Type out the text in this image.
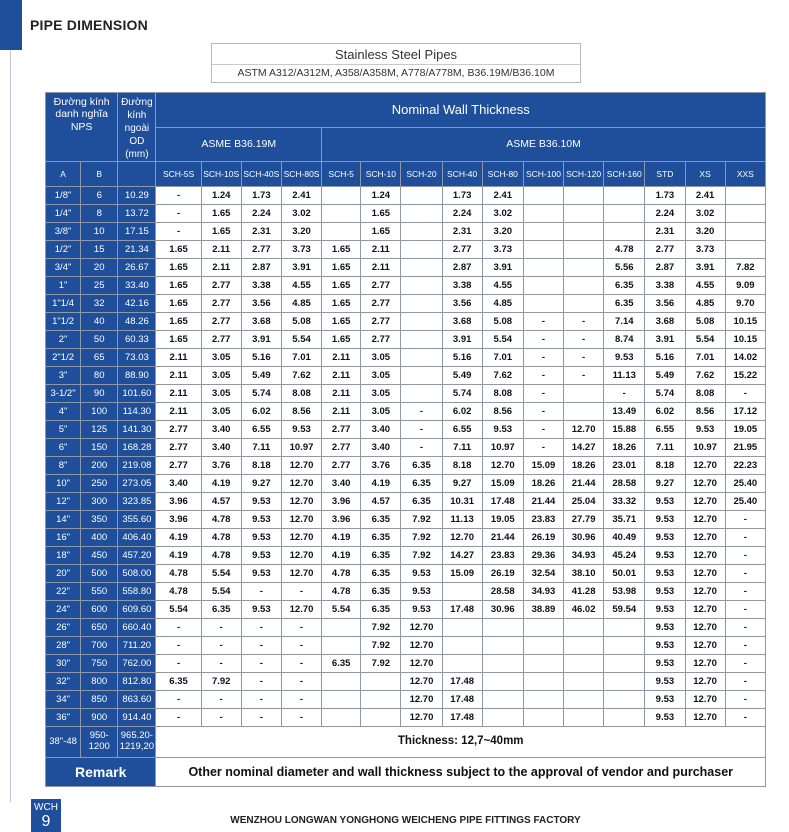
PIPE DIMENSION
Stainless Steel Pipes
ASTM A312/A312M, A358/A358M, A778/A778M, B36.19M/B36.10M
Đường kính danh nghĩa NPS		Đường kính ngoài OD (mm)	Nominal Wall Thickness														
			ASME B36.19M				ASME B36.10M										
A	B		SCH-5S	SCH-10S	SCH-40S	SCH-80S	SCH-5	SCH-10	SCH-20	SCH-40	SCH-80	SCH-100	SCH-120	SCH-160	STD	XS	XXS
1/8"	6	10.29	-	1.24	1.73	2.41		1.24		1.73	2.41				1.73	2.41	
1/4"	8	13.72	-	1.65	2.24	3.02		1.65		2.24	3.02				2.24	3.02	
3/8"	10	17.15	-	1.65	2.31	3.20		1.65		2.31	3.20				2.31	3.20	
1/2"	15	21.34	1.65	2.11	2.77	3.73	1.65	2.11		2.77	3.73			4.78	2.77	3.73	
3/4"	20	26.67	1.65	2.11	2.87	3.91	1.65	2.11		2.87	3.91			5.56	2.87	3.91	7.82
1"	25	33.40	1.65	2.77	3.38	4.55	1.65	2.77		3.38	4.55			6.35	3.38	4.55	9.09
1"1/4	32	42.16	1.65	2.77	3.56	4.85	1.65	2.77		3.56	4.85			6.35	3.56	4.85	9.70
1"1/2	40	48.26	1.65	2.77	3.68	5.08	1.65	2.77		3.68	5.08	-	-	7.14	3.68	5.08	10.15
2"	50	60.33	1.65	2.77	3.91	5.54	1.65	2.77		3.91	5.54	-	-	8.74	3.91	5.54	10.15
2"1/2	65	73.03	2.11	3.05	5.16	7.01	2.11	3.05		5.16	7.01	-	-	9.53	5.16	7.01	14.02
3"	80	88.90	2.11	3.05	5.49	7.62	2.11	3.05		5.49	7.62	-	-	11.13	5.49	7.62	15.22
3-1/2"	90	101.60	2.11	3.05	5.74	8.08	2.11	3.05		5.74	8.08	-		-	5.74	8.08	-
4"	100	114.30	2.11	3.05	6.02	8.56	2.11	3.05	-	6.02	8.56	-		13.49	6.02	8.56	17.12
5"	125	141.30	2.77	3.40	6.55	9.53	2.77	3.40	-	6.55	9.53	-	12.70	15.88	6.55	9.53	19.05
6"	150	168.28	2.77	3.40	7.11	10.97	2.77	3.40	-	7.11	10.97	-	14.27	18.26	7.11	10.97	21.95
8"	200	219.08	2.77	3.76	8.18	12.70	2.77	3.76	6.35	8.18	12.70	15.09	18.26	23.01	8.18	12.70	22.23
10"	250	273.05	3.40	4.19	9.27	12.70	3.40	4.19	6.35	9.27	15.09	18.26	21.44	28.58	9.27	12.70	25.40
12"	300	323.85	3.96	4.57	9.53	12.70	3.96	4.57	6.35	10.31	17.48	21.44	25.04	33.32	9.53	12.70	25.40
14"	350	355.60	3.96	4.78	9.53	12.70	3.96	6.35	7.92	11.13	19.05	23.83	27.79	35.71	9.53	12.70	-
16"	400	406.40	4.19	4.78	9.53	12.70	4.19	6.35	7.92	12.70	21.44	26.19	30.96	40.49	9.53	12.70	-
18"	450	457.20	4.19	4.78	9.53	12.70	4.19	6.35	7.92	14.27	23.83	29.36	34.93	45.24	9.53	12.70	-
20"	500	508.00	4.78	5.54	9.53	12.70	4.78	6.35	9.53	15.09	26.19	32.54	38.10	50.01	9.53	12.70	-
22"	550	558.80	4.78	5.54	-	-	4.78	6.35	9.53		28.58	34.93	41.28	53.98	9.53	12.70	-
24"	600	609.60	5.54	6.35	9.53	12.70	5.54	6.35	9.53	17.48	30.96	38.89	46.02	59.54	9.53	12.70	-
26"	650	660.40	-	-	-	-		7.92	12.70						9.53	12.70	-
28"	700	711.20	-	-	-	-		7.92	12.70						9.53	12.70	-
30"	750	762.00	-	-	-	-	6.35	7.92	12.70						9.53	12.70	-
32"	800	812.80	6.35	7.92	-	-			12.70	17.48					9.53	12.70	-
34"	850	863.60	-	-	-	-			12.70	17.48					9.53	12.70	-
36"	900	914.40	-	-	-	-			12.70	17.48					9.53	12.70	-
38"-48	950-1200	965.20-1219,20	Thickness: 12,7~40mm														
Remark			Other nominal diameter and wall thickness subject to the approval of vendor and purchaser														
WCH
9	WENZHOU LONGWAN YONGHONG WEICHENG PIPE FITTINGS FACTORY
